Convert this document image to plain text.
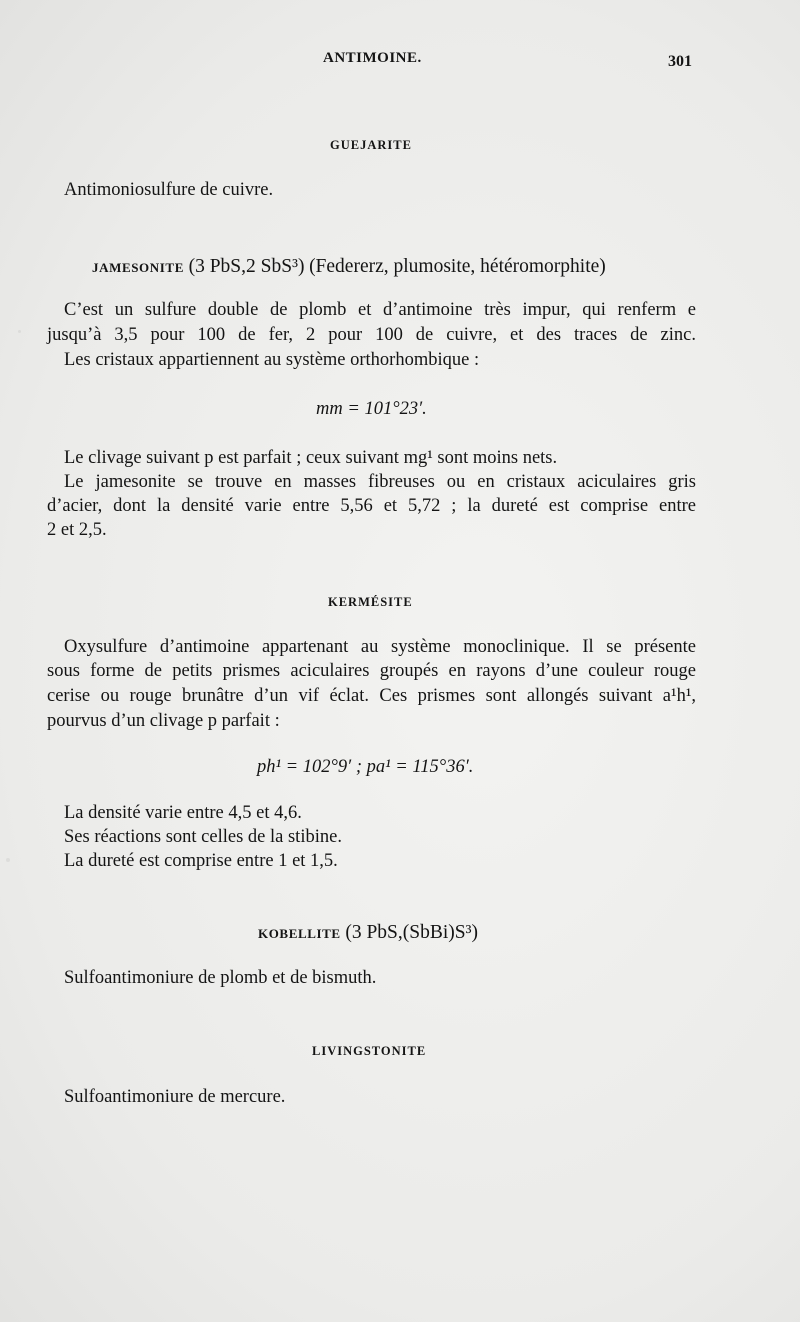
ANTIMOINE.	301
GUEJARITE
Antimoniosulfure de cuivre.
JAMESONITE (3 PbS,2 SbS³) (Federerz, plumosite, hétéromorphite)
C’est un sulfure double de plomb et d’antimoine très impur, qui renferm e
jusqu’à 3,5 pour 100 de fer, 2 pour 100 de cuivre, et des traces de zinc.
Les cristaux appartiennent au système orthorhombique :
mm = 101°23′.
Le clivage suivant p est parfait ; ceux suivant mg¹ sont moins nets.
Le jamesonite se trouve en masses fibreuses ou en cristaux aciculaires gris
d’acier, dont la densité varie entre 5,56 et 5,72 ; la dureté est comprise entre
2 et 2,5.
KERMÉSITE
Oxysulfure d’antimoine appartenant au système monoclinique. Il se présente
sous forme de petits prismes aciculaires groupés en rayons d’une couleur rouge
cerise ou rouge brunâtre d’un vif éclat. Ces prismes sont allongés suivant a¹h¹,
pourvus d’un clivage p parfait :
ph¹ = 102°9′ ; pa¹ = 115°36′.
La densité varie entre 4,5 et 4,6.
Ses réactions sont celles de la stibine.
La dureté est comprise entre 1 et 1,5.
KOBELLITE (3 PbS,(SbBi)S³)
Sulfoantimoniure de plomb et de bismuth.
LIVINGSTONITE
Sulfoantimoniure de mercure.
